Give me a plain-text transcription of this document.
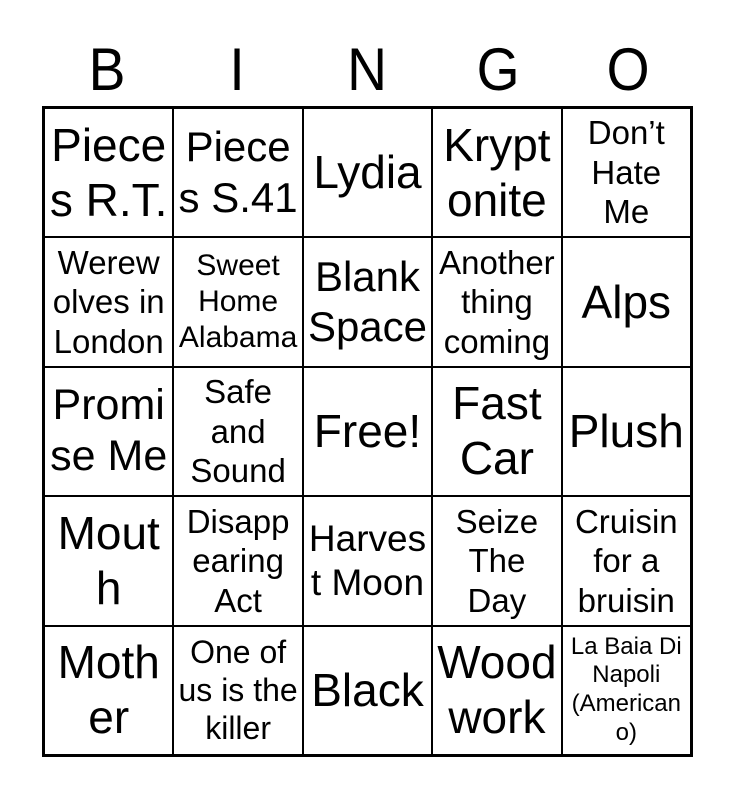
B	I	N	G	O
Pieces R.T.
Pieces S.41 Lydia
Kryptonite
Don’t Hate Me
Werewolves in London
Sweet Home Alabama
Blank Space
Another thing coming
Alps
Promise Me
Safe and Sound
Free!
Fast Car
Plush
Mouth
Disappearing Act
Harvest Moon
Seize The Day
Cruisin for a bruisin
Mother
One of us is the killer
Black
Woodwork
La Baia Di Napoli (Americano)
